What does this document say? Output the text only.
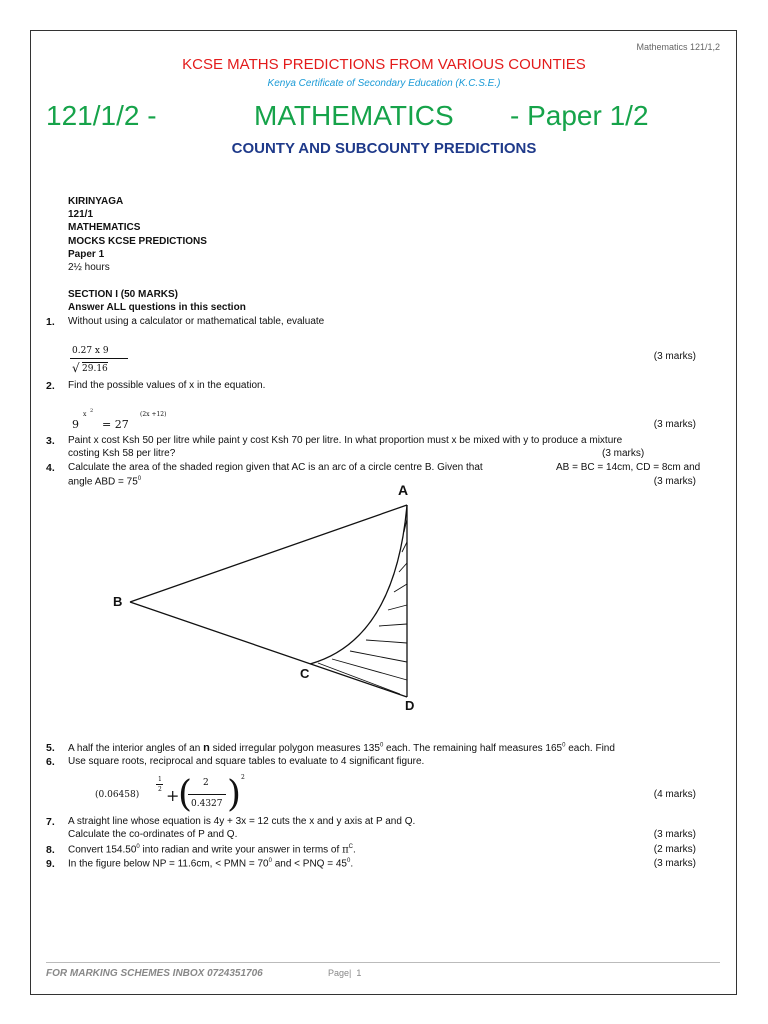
Mathematics 121/1,2
KCSE MATHS PREDICTIONS FROM VARIOUS COUNTIES
Kenya Certificate of Secondary Education (K.C.S.E.)
121/1/2 -	MATHEMATICS - Paper 1/2
COUNTY AND SUBCOUNTY PREDICTIONS
KIRINYAGA
121/1
MATHEMATICS
MOCKS KCSE PREDICTIONS
Paper 1
2½ hours
SECTION I (50 MARKS)
Answer ALL questions in this section
1. Without using a calculator or mathematical table, evaluate
0.27 x 9
√ 29.16
(3 marks)
2. Find the possible values of x in the equation.
9
x 2
= 27
(2x +12)
(3 marks)
3. Paint x cost Ksh 50 per litre while paint y cost Ksh 70 per litre. In what proportion must x be mixed with y to produce a mixture
costing Ksh 58 per litre?	(3 marks)
4. Calculate the area of the shaded region given that AC is an arc of a circle centre B. Given that	AB = BC = 14cm, CD = 8cm and
angle ABD = $75^0$	(3 marks)
A
B
C
D
5. A half the interior angles of an n sided irregular polygon measures $135^0$ each. The remaining half measures $165^0$ each. Find
6. Use square roots, reciprocal and square tables to evaluate to 4 significant figure.
(0.06458)
1
2 +
( 2
0.4327 ) 2
(4 marks)
7. A straight line whose equation is 4y + 3x = 12 cuts the x and y axis at P and Q.
Calculate the co-ordinates of P and Q.	(3 marks)
8. Convert 154.50$^0$ into radian and write your answer in terms of $\pi^C$.	(2 marks)
9. In the figure below NP = 11.6cm, < PMN = $70^0$ and < PNQ = $45^0$.	(3 marks)
FOR MARKING SCHEMES INBOX 0724351706	Page| 1
